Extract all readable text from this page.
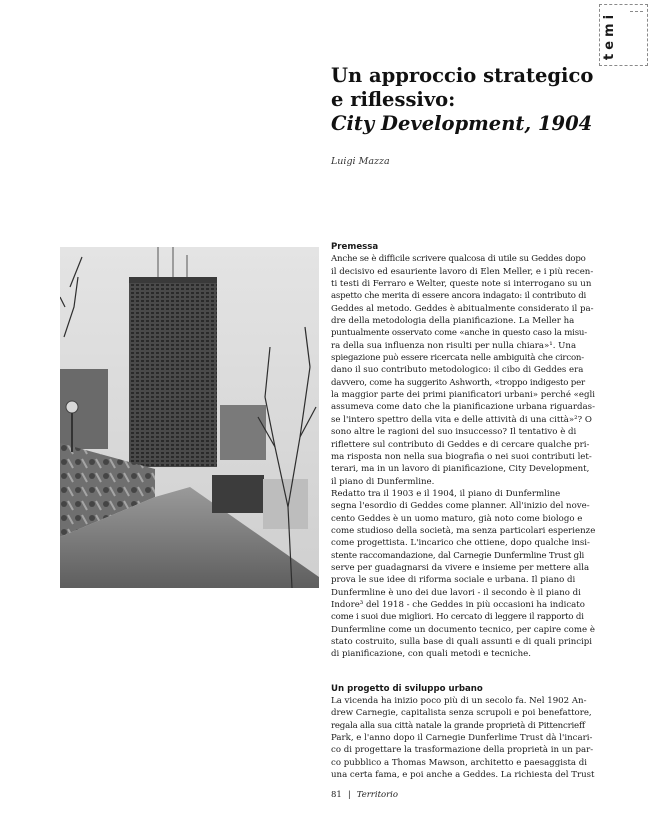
temi
Un approccio strategico
e riflessivo:
City Development, 1904
Luigi Mazza

Premessa

Anche se è difficile scrivere qualcosa di utile su Geddes dopo
il decisivo ed esauriente lavoro di Elen Meller, e i più recen-
ti testi di Ferraro e Welter, queste note si interrogano su un
aspetto che merita di essere ancora indagato: il contributo di
Geddes al metodo. Geddes è abitualmente considerato il pa-
dre della metodologia della pianificazione. La Meller ha
puntualmente osservato come «anche in questo caso la misu-
ra della sua influenza non risulti per nulla chiara»¹. Una
spiegazione può essere ricercata nelle ambiguità che circon-
dano il suo contributo metodologico: il cibo di Geddes era
davvero, come ha suggerito Ashworth, «troppo indigesto per
la maggior parte dei primi pianificatori urbani» perché «egli
assumeva come dato che la pianificazione urbana riguardas-
se l'intero spettro della vita e delle attività di una città»²? O
sono altre le ragioni del suo insuccesso? Il tentativo è di
riflettere sul contributo di Geddes e di cercare qualche pri-
ma risposta non nella sua biografia o nei suoi contributi let-
terari, ma in un lavoro di pianificazione, City Development,
il piano di Dunfermline.
Redatto tra il 1903 e il 1904, il piano di Dunfermline
segna l'esordio di Geddes come planner. All'inizio del nove-
cento Geddes è un uomo maturo, già noto come biologo e
come studioso della società, ma senza particolari esperienze
come progettista. L'incarico che ottiene, dopo qualche insi-
stente raccomandazione, dal Carnegie Dunfermline Trust gli
serve per guadagnarsi da vivere e insieme per mettere alla
prova le sue idee di riforma sociale e urbana. Il piano di
Dunfermline è uno dei due lavori - il secondo è il piano di
Indore³ del 1918 - che Geddes in più occasioni ha indicato
come i suoi due migliori. Ho cercato di leggere il rapporto di
Dunfermline come un documento tecnico, per capire come è
stato costruito, sulla base di quali assunti e di quali principi
di pianificazione, con quali metodi e tecniche.

Un progetto di sviluppo urbano

La vicenda ha inizio poco più di un secolo fa. Nel 1902 An-
drew Carnegie, capitalista senza scrupoli e poi benefattore,
regala alla sua città natale la grande proprietà di Pittencrieff
Park, e l'anno dopo il Carnegie Dunferlime Trust dà l'incari-
co di progettare la trasformazione della proprietà in un par-
co pubblico a Thomas Mawson, architetto e paesaggista di
una certa fama, e poi anche a Geddes. La richiesta del Trust

81 | Territorio
